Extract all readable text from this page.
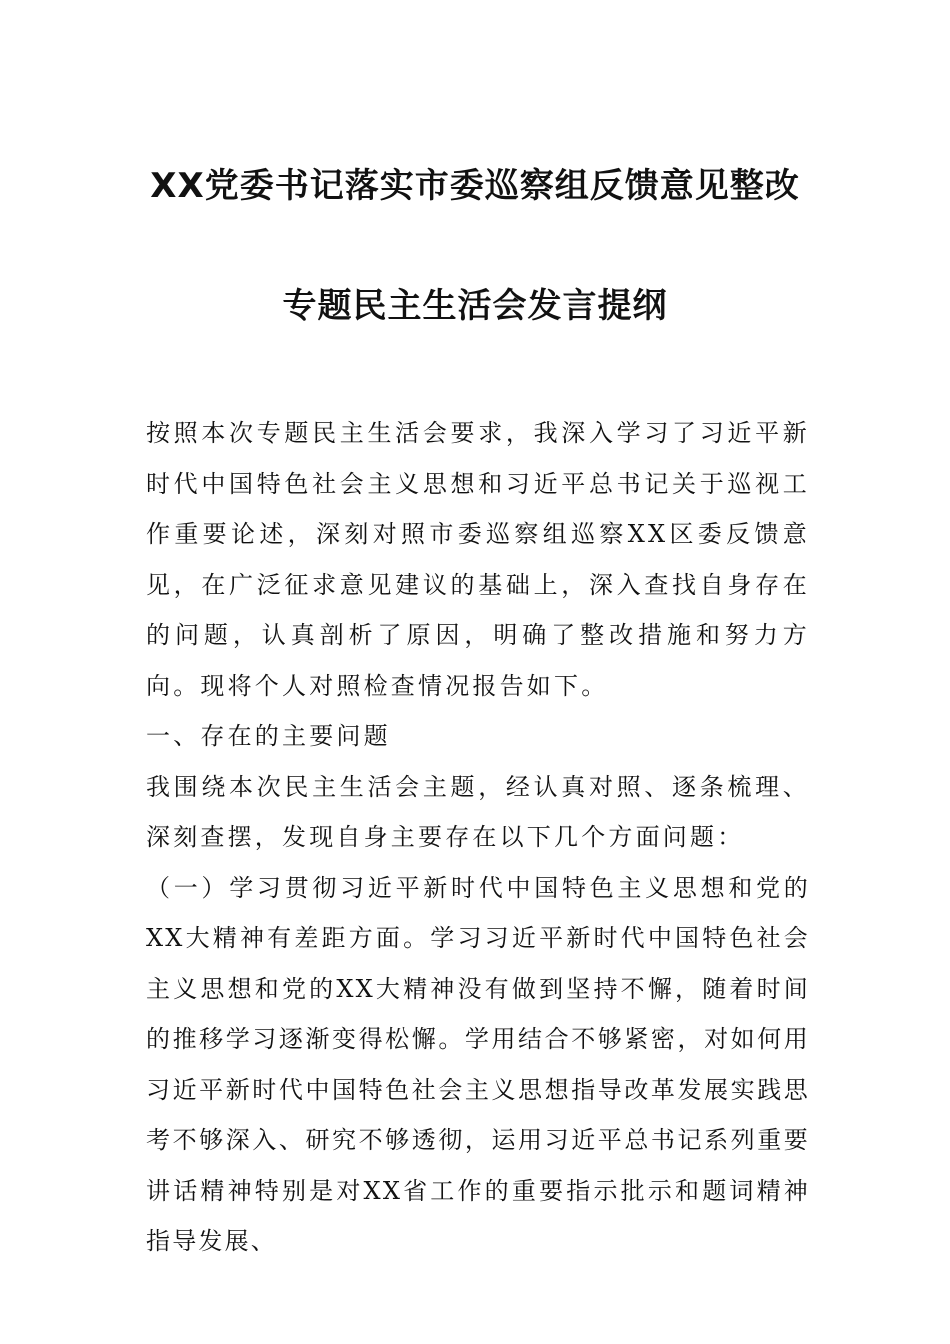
XX党委书记落实市委巡察组反馈意见整改
专题民主生活会发言提纲

按照本次专题民主生活会要求，我深入学习了习近平新时代中国特色社会主义思想和习近平总书记关于巡视工作重要论述，深刻对照市委巡察组巡察XX区委反馈意见，在广泛征求意见建议的基础上，深入查找自身存在的问题，认真剖析了原因，明确了整改措施和努力方向。现将个人对照检查情况报告如下。

一、存在的主要问题

我围绕本次民主生活会主题，经认真对照、逐条梳理、深刻查摆，发现自身主要存在以下几个方面问题：

（一）学习贯彻习近平新时代中国特色主义思想和党的XX大精神有差距方面。学习习近平新时代中国特色社会主义思想和党的XX大精神没有做到坚持不懈，随着时间的推移学习逐渐变得松懈。学用结合不够紧密，对如何用习近平新时代中国特色社会主义思想指导改革发展实践思考不够深入、研究不够透彻，运用习近平总书记系列重要讲话精神特别是对XX省工作的重要指示批示和题词精神指导发展、
